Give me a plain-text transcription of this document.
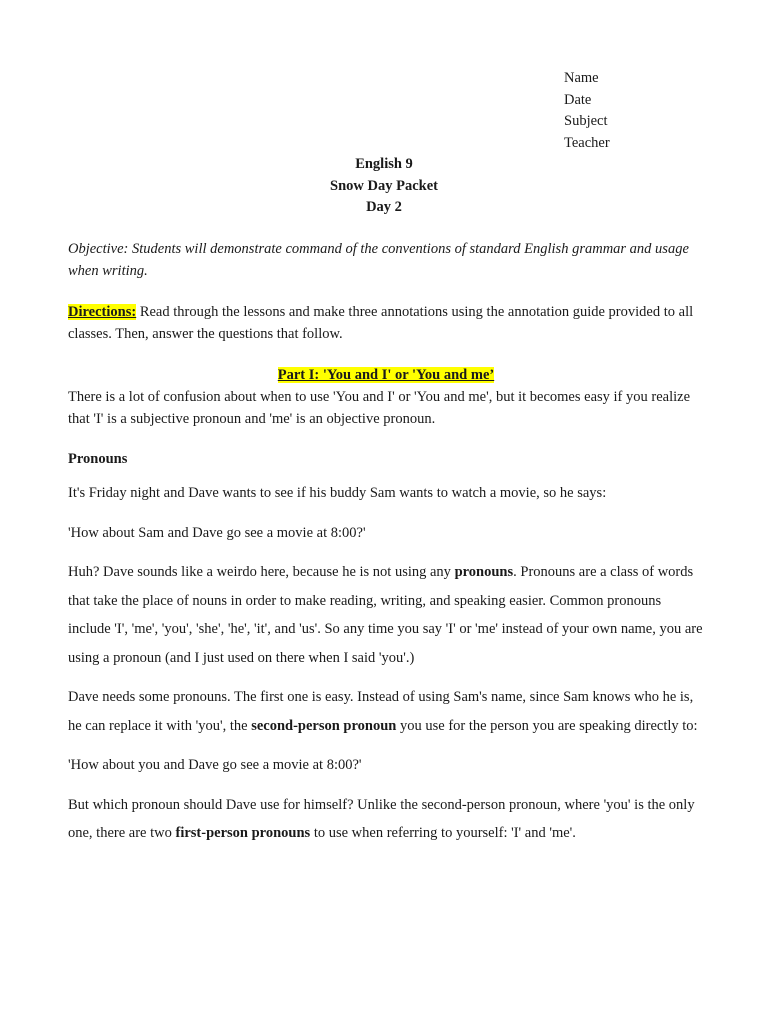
Name
Date
Subject
Teacher
English 9
Snow Day Packet
Day 2

Objective: Students will demonstrate command of the conventions of standard English grammar and usage when writing.

Directions: Read through the lessons and make three annotations using the annotation guide provided to all classes. Then, answer the questions that follow.

Part I: 'You and I' or 'You and me’

There is a lot of confusion about when to use 'You and I' or 'You and me', but it becomes easy if you realize that 'I' is a subjective pronoun and 'me' is an objective pronoun.

Pronouns

It's Friday night and Dave wants to see if his buddy Sam wants to watch a movie, so he says:

'How about Sam and Dave go see a movie at 8:00?'

Huh? Dave sounds like a weirdo here, because he is not using any pronouns. Pronouns are a class of words that take the place of nouns in order to make reading, writing, and speaking easier. Common pronouns include 'I', 'me', 'you', 'she', 'he', 'it', and 'us'. So any time you say 'I' or 'me' instead of your own name, you are using a pronoun (and I just used on there when I said 'you'.)

Dave needs some pronouns. The first one is easy. Instead of using Sam's name, since Sam knows who he is, he can replace it with 'you', the second-person pronoun you use for the person you are speaking directly to:

'How about you and Dave go see a movie at 8:00?'

But which pronoun should Dave use for himself? Unlike the second-person pronoun, where 'you' is the only one, there are two first-person pronouns to use when referring to yourself: 'I' and 'me'.
